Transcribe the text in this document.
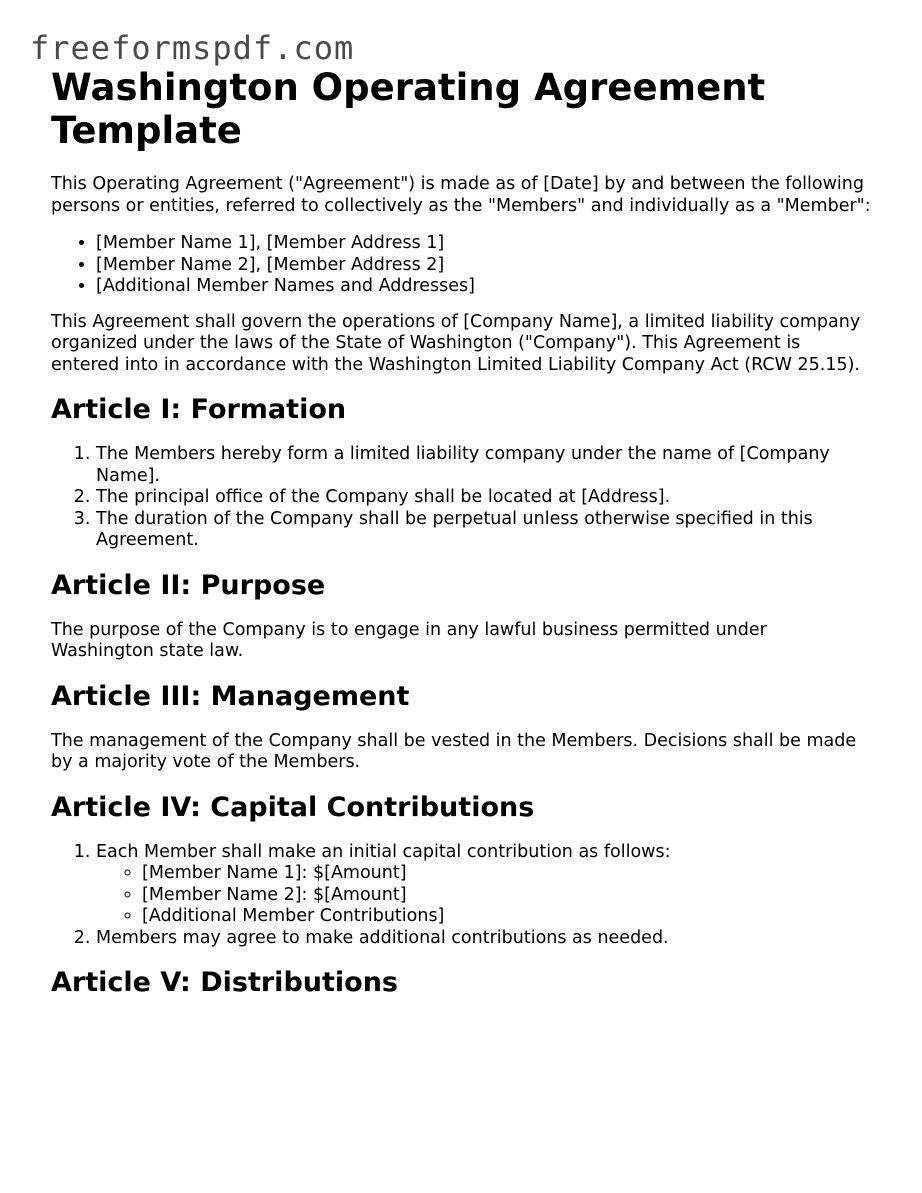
freeformspdf.com
Washington Operating Agreement Template

This Operating Agreement ("Agreement") is made as of [Date] by and between the following persons or entities, referred to collectively as the "Members" and individually as a "Member":

• [Member Name 1], [Member Address 1]
• [Member Name 2], [Member Address 2]
• [Additional Member Names and Addresses]

This Agreement shall govern the operations of [Company Name], a limited liability company organized under the laws of the State of Washington ("Company"). This Agreement is entered into in accordance with the Washington Limited Liability Company Act (RCW 25.15).

Article I: Formation
1. The Members hereby form a limited liability company under the name of [Company Name].
2. The principal office of the Company shall be located at [Address].
3. The duration of the Company shall be perpetual unless otherwise specified in this Agreement.
Article II: Purpose

The purpose of the Company is to engage in any lawful business permitted under Washington state law.

Article III: Management

The management of the Company shall be vested in the Members. Decisions shall be made by a majority vote of the Members.

Article IV: Capital Contributions
1. Each Member shall make an initial capital contribution as follows:
◦ [Member Name 1]: $[Amount]
◦ [Member Name 2]: $[Amount]
◦ [Additional Member Contributions]
2. Members may agree to make additional contributions as needed.
Article V: Distributions
